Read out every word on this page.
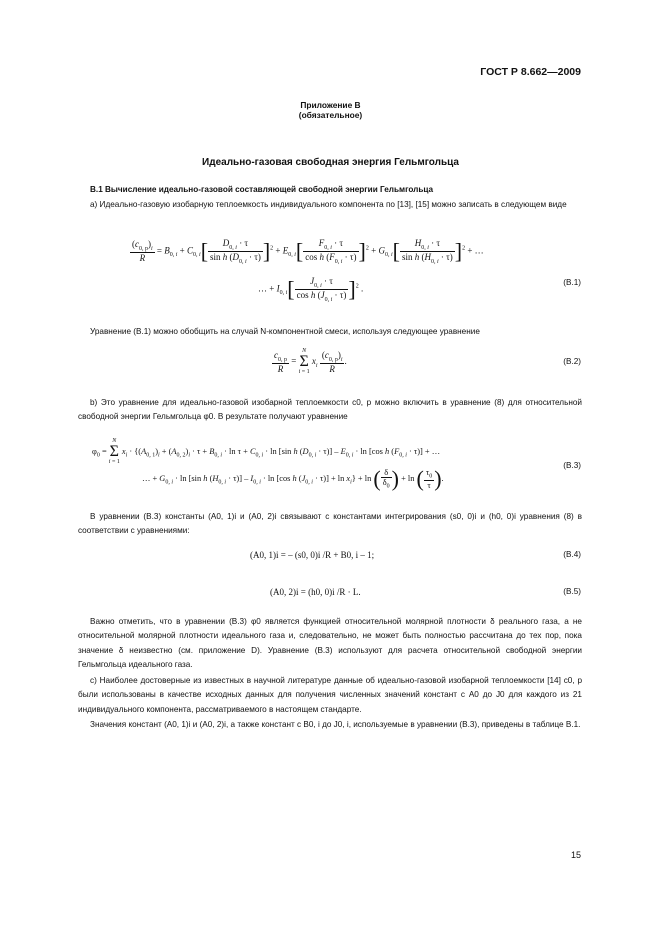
ГОСТ Р 8.662—2009
Приложение В
(обязательное)
Идеально-газовая свободная энергия Гельмгольца
В.1 Вычисление идеально-газовой составляющей свободной энергии Гельмгольца
а) Идеально-газовую изобарную теплоемкость индивидуального компонента по [13], [15] можно записать в следующем виде
$\frac{(c_{0, p})_i}{R} = B_{0, i} + C_{0, i}[ \frac{D_{0, i} \cdot \tau}{\sin h (D_{0, i} \cdot \tau)} ]^2 + E_{0, i}[ \frac{F_{0, i} \cdot \tau}{\cos h (F_{0, i} \cdot \tau)} ]^2 + G_{0, i}[ \frac{H_{0, i} \cdot \tau}{\sin h (H_{0, i} \cdot \tau)} ]^2$ + …
… + $I_{0, i}[ \frac{J_{0, i} \cdot \tau}{\cos h (J_{0, i} \cdot \tau)} ]^2$ .
(В.1)
Уравнение (В.1) можно обобщить на случай N-компонентной смеси, используя следующее уравнение
$\frac{c_{0, p}}{R} = N$
Σ
i = 1 $x_i \frac{(c_{0, p})_i}{R}$ .	(В.2)
b) Это уравнение для идеально-газовой изобарной теплоемкости c0, p можно включить в уравнение (8) для относительной свободной энергии Гельмгольца φ0. В результате получают уравнение
$\varphi_0 = N$
Σ
i = 1 $x_i \cdot \{(A_{0, 1})_i + (A_{0, 2})_i \cdot \tau + B_{0, i} \cdot \ln \tau + C_{0, i} \cdot \ln [\sin$ h $(D_{0, i} \cdot \tau)] - E_{0, i} \cdot \ln [\cos$ h $(F_{0, i} \cdot \tau)$] + …
… + $G_{0, i} \cdot \ln [\sin$ h $(H_{0, i} \cdot \tau)] - I_{0, i} \cdot \ln [\cos$ h $(J_{0, i} \cdot \tau)] + \ln x_i\} + \ln$ ( $\frac{\delta}{\delta_0}$ ) + ln ( $\frac{\tau_0}{\tau}$ ).
(В.3)
В уравнении (В.3) константы (A0, 1)i и (A0, 2)i связывают с константами интегрирования (s0, 0)i и (h0, 0)i уравнения (8) в соответствии с уравнениями:
(A0, 1)i = – (s0, 0)i /R + B0, i – 1;	(В.4)
(A0, 2)i = (h0, 0)i /R · L.	(В.5)
Важно отметить, что в уравнении (В.3) φ0 является функцией относительной молярной плотности δ реального газа, а не относительной молярной плотности идеального газа и, следовательно, не может быть полностью рассчитана до тех пор, пока значение δ неизвестно (см. приложение D). Уравнение (В.3) используют для расчета относительной свободной энергии Гельмгольца идеального газа.
с) Наиболее достоверные из известных в научной литературе данные об идеально-газовой изобарной теплоемкости [14] c0, p были использованы в качестве исходных данных для получения численных значений констант с A0 до J0 для каждого из 21 индивидуального компонента, рассматриваемого в настоящем стандарте.
Значения констант (A0, 1)i и (A0, 2)i, а также констант с B0, i до J0, i, используемые в уравнении (В.3), приведены в таблице В.1.
15
